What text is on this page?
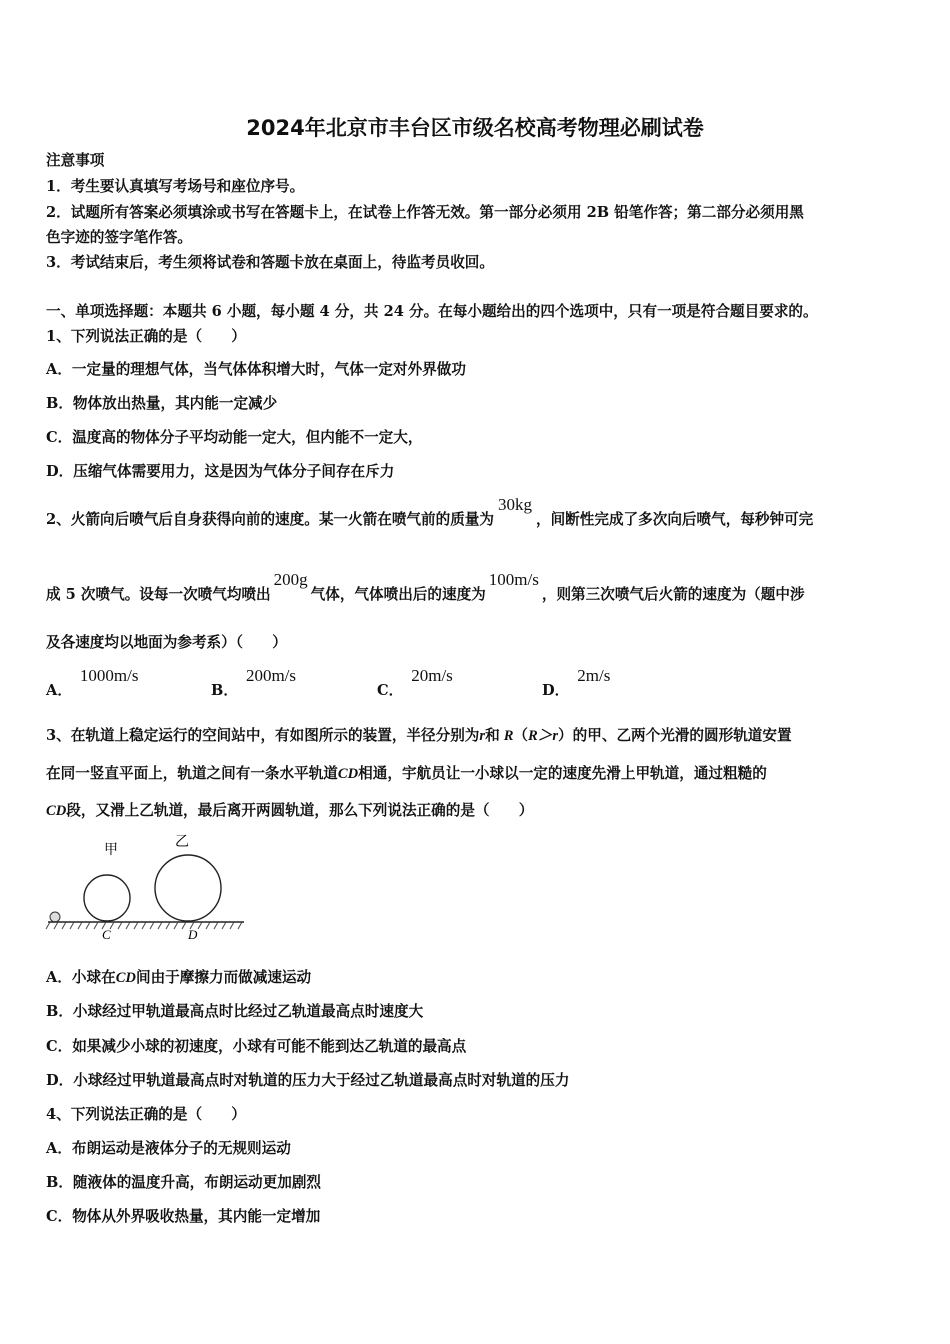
2024年北京市丰台区市级名校高考物理必刷试卷
注意事项
1．考生要认真填写考场号和座位序号。
2．试题所有答案必须填涂或书写在答题卡上，在试卷上作答无效。第一部分必须用 2B 铅笔作答；第二部分必须用黑
色字迹的签字笔作答。
3．考试结束后，考生须将试卷和答题卡放在桌面上，待监考员收回。
一、单项选择题：本题共 6 小题，每小题 4 分，共 24 分。在每小题给出的四个选项中，只有一项是符合题目要求的。
1、下列说法正确的是（　　）
A．一定量的理想气体，当气体体积增大时，气体一定对外界做功
B．物体放出热量，其内能一定减少
C．温度高的物体分子平均动能一定大，但内能不一定大，
D．压缩气体需要用力，这是因为气体分子间存在斥力
2、火箭向后喷气后自身获得向前的速度。某一火箭在喷气前的质量为30kg，间断性完成了多次向后喷气，每秒钟可完
成 5 次喷气。设每一次喷气均喷出200g气体，气体喷出后的速度为100m/s，则第三次喷气后火箭的速度为（题中涉
及各速度均以地面为参考系）（　　）
A．1000m/s
B．200m/s
C．20m/s
D．2m/s
3、在轨道上稳定运行的空间站中，有如图所示的装置，半径分别为r和 R（R＞r）的甲、乙两个光滑的圆形轨道安置
在同一竖直平面上，轨道之间有一条水平轨道CD相通，宇航员让一小球以一定的速度先滑上甲轨道，通过粗糙的
CD段，又滑上乙轨道，最后离开两圆轨道，那么下列说法正确的是（　　）
甲
乙
C	D
A．小球在CD间由于摩擦力而做减速运动
B．小球经过甲轨道最高点时比经过乙轨道最高点时速度大
C．如果减少小球的初速度，小球有可能不能到达乙轨道的最高点
D．小球经过甲轨道最高点时对轨道的压力大于经过乙轨道最高点时对轨道的压力
4、下列说法正确的是（　　）
A．布朗运动是液体分子的无规则运动
B．随液体的温度升高，布朗运动更加剧烈
C．物体从外界吸收热量，其内能一定增加
